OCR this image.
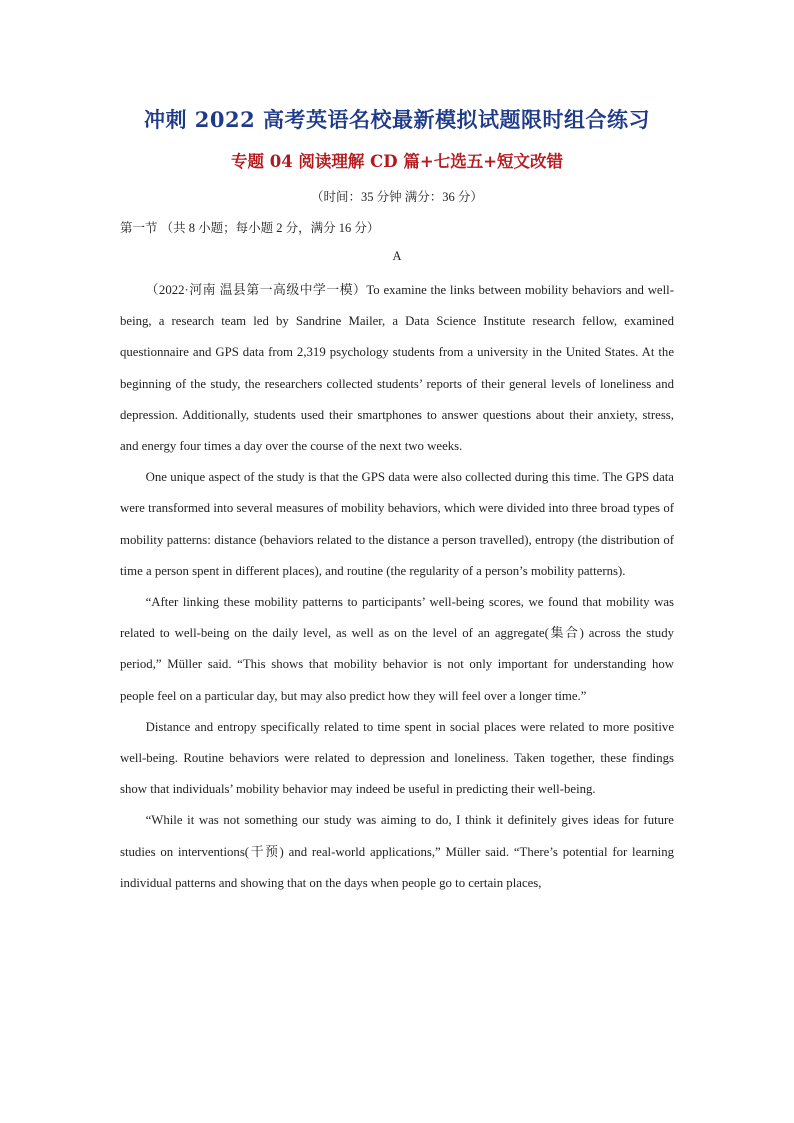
冲刺 2022 高考英语名校最新模拟试题限时组合练习
专题 04 阅读理解 CD 篇+七选五+短文改错
（时间：35 分钟 满分：36 分）
第一节 （共 8 小题；每小题 2 分，满分 16 分）
A

（2022·河南 温县第一高级中学一模）To examine the links between mobility behaviors and well-being, a research team led by Sandrine Mailer, a Data Science Institute research fellow, examined questionnaire and GPS data from 2,319 psychology students from a university in the United States. At the beginning of the study, the researchers collected students’ reports of their general levels of loneliness and depression. Additionally, students used their smartphones to answer questions about their anxiety, stress, and energy four times a day over the course of the next two weeks.

One unique aspect of the study is that the GPS data were also collected during this time. The GPS data were transformed into several measures of mobility behaviors, which were divided into three broad types of mobility patterns: distance (behaviors related to the distance a person travelled), entropy (the distribution of time a person spent in different places), and routine (the regularity of a person’s mobility patterns).

“After linking these mobility patterns to participants’ well-being scores, we found that mobility was related to well-being on the daily level, as well as on the level of an aggregate(集合) across the study period,” Müller said. “This shows that mobility behavior is not only important for understanding how people feel on a particular day, but may also predict how they will feel over a longer time.”

Distance and entropy specifically related to time spent in social places were related to more positive well-being. Routine behaviors were related to depression and loneliness. Taken together, these findings show that individuals’ mobility behavior may indeed be useful in predicting their well-being.

“While it was not something our study was aiming to do, I think it definitely gives ideas for future studies on interventions(干预) and real-world applications,” Müller said. “There’s potential for learning individual patterns and showing that on the days when people go to certain places,
